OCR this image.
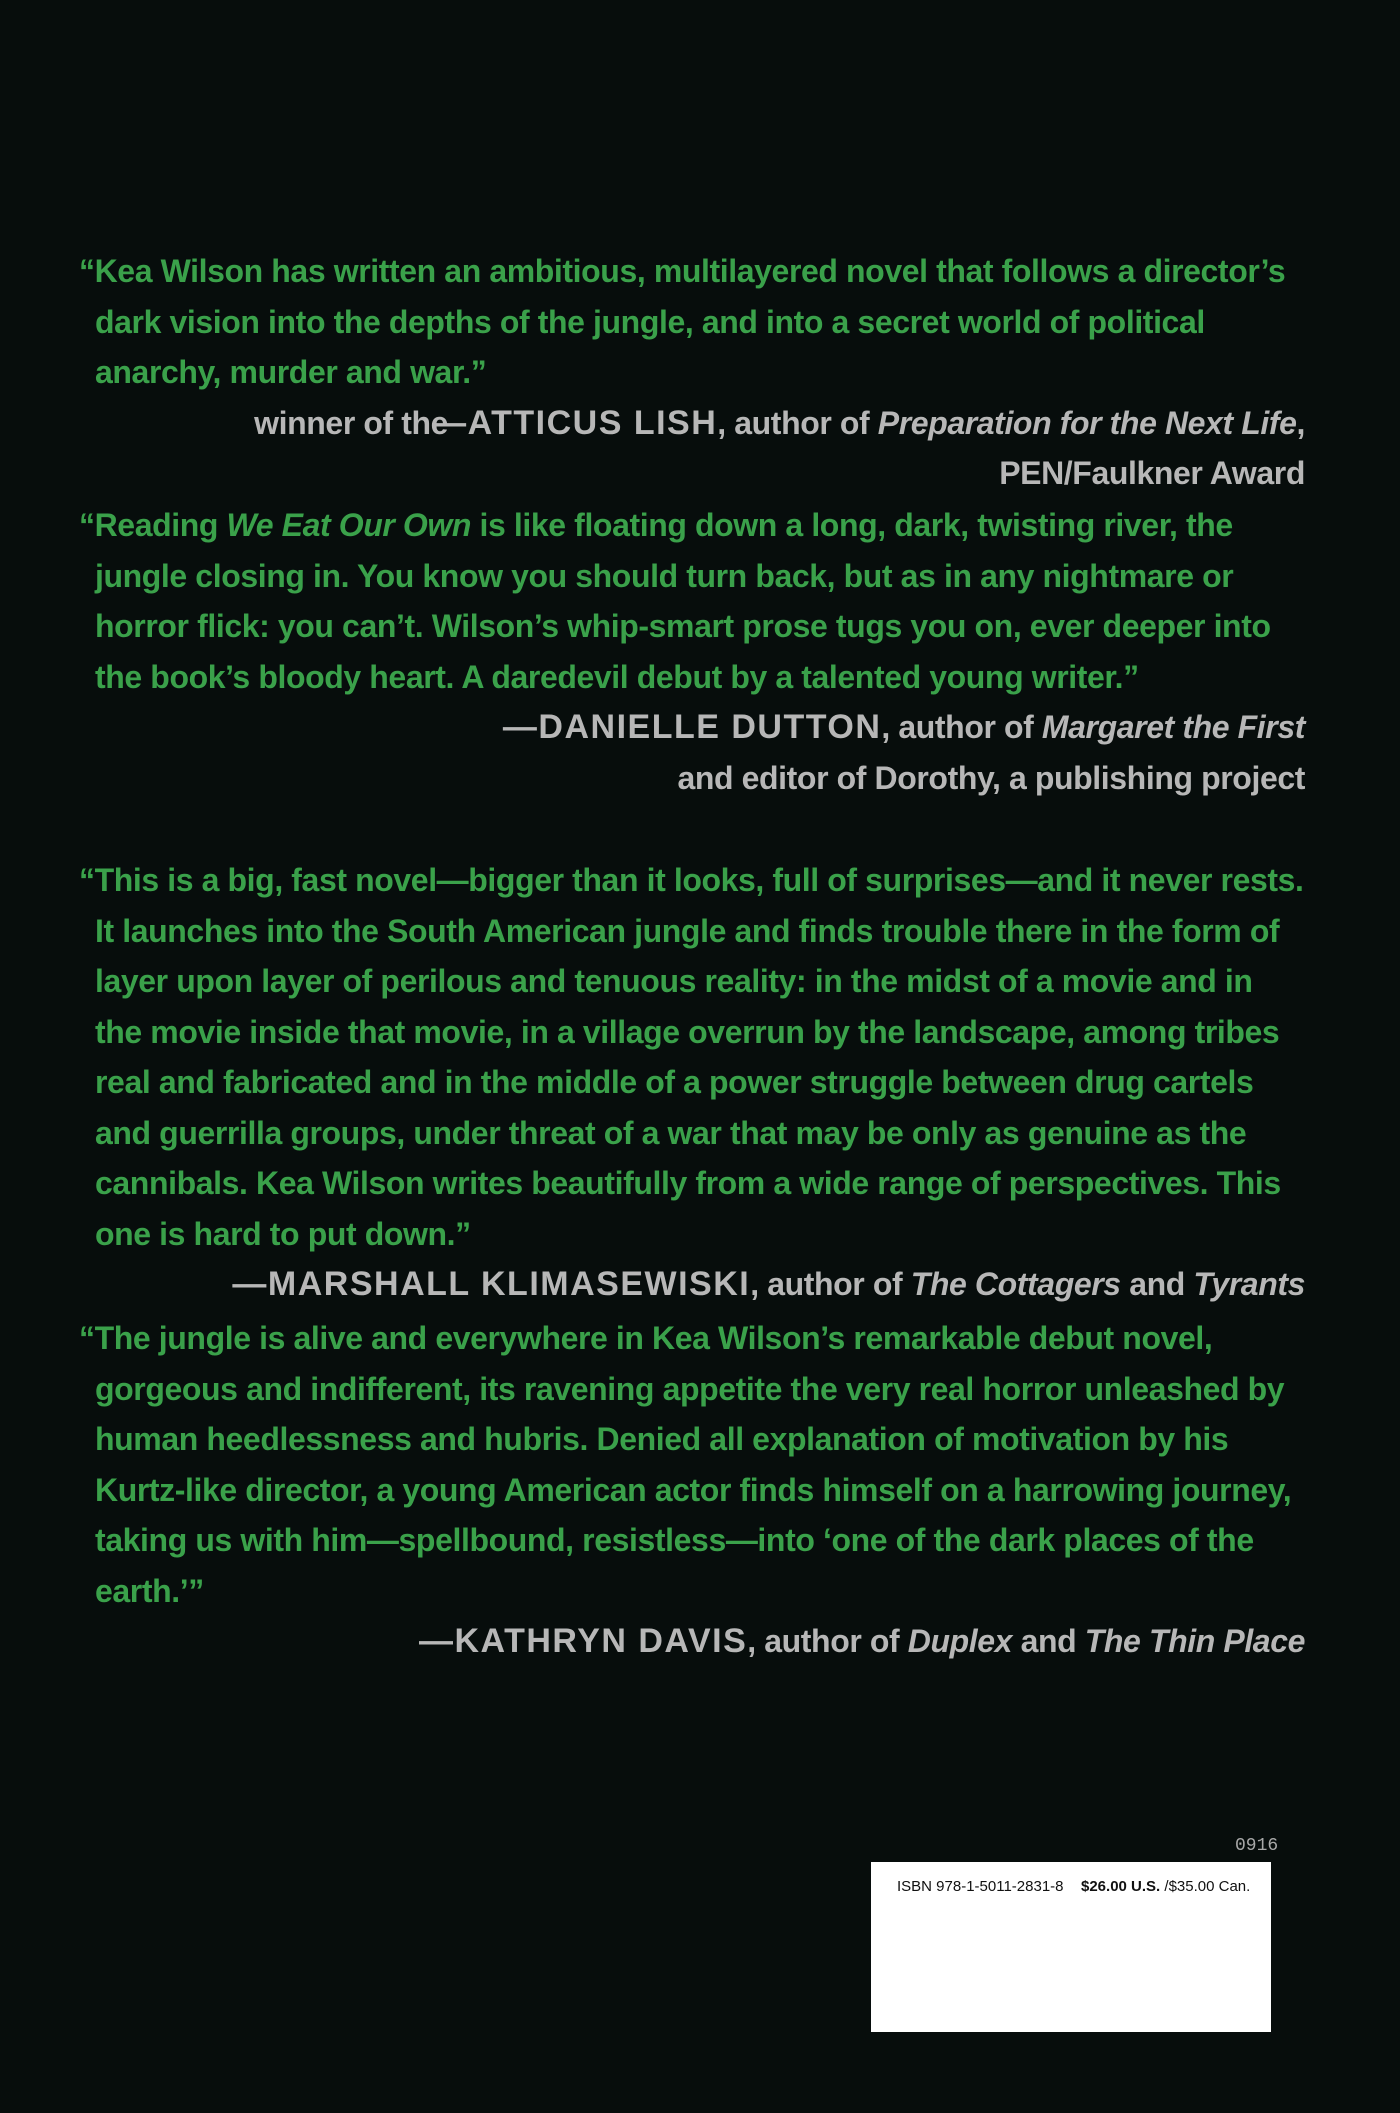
“Kea Wilson has written an ambitious, multilayered novel that follows a director’s dark vision into the depths of the jungle, and into a secret world of political anarchy, murder and war.”
—ATTICUS LISH, author of Preparation for the Next Life,

winner of the PEN/Faulkner Award

“Reading We Eat Our Own is like floating down a long, dark, twisting river, the jungle closing in. You know you should turn back, but as in any nightmare or horror flick: you can’t. Wilson’s whip-smart prose tugs you on, ever deeper into the book’s bloody heart. A daredevil debut by a talented young writer.”

—DANIELLE DUTTON, author of Margaret the First

and editor of Dorothy, a publishing project

“This is a big, fast novel—bigger than it looks, full of surprises—and it never rests. It launches into the South American jungle and finds trouble there in the form of layer upon layer of perilous and tenuous reality: in the midst of a movie and in the movie inside that movie, in a village overrun by the landscape, among tribes real and fabricated and in the middle of a power struggle between drug cartels and guerrilla groups, under threat of a war that may be only as genuine as the cannibals. Kea Wilson writes beautifully from a wide range of perspectives. This one is hard to put down.”

—MARSHALL KLIMASEWISKI, author of The Cottagers and Tyrants

“The jungle is alive and everywhere in Kea Wilson’s remarkable debut novel, gorgeous and indifferent, its ravening appetite the very real horror unleashed by human heedlessness and hubris. Denied all explanation of motivation by his Kurtz-like director, a young American actor finds himself on a harrowing journey, taking us with him—spellbound, resistless—into ‘one of the dark places of the earth.’”

—KATHRYN DAVIS, author of Duplex and The Thin Place

0916
ISBN 978-1-5011-2831-8 $26.00 U.S. /$35.00 Can.
